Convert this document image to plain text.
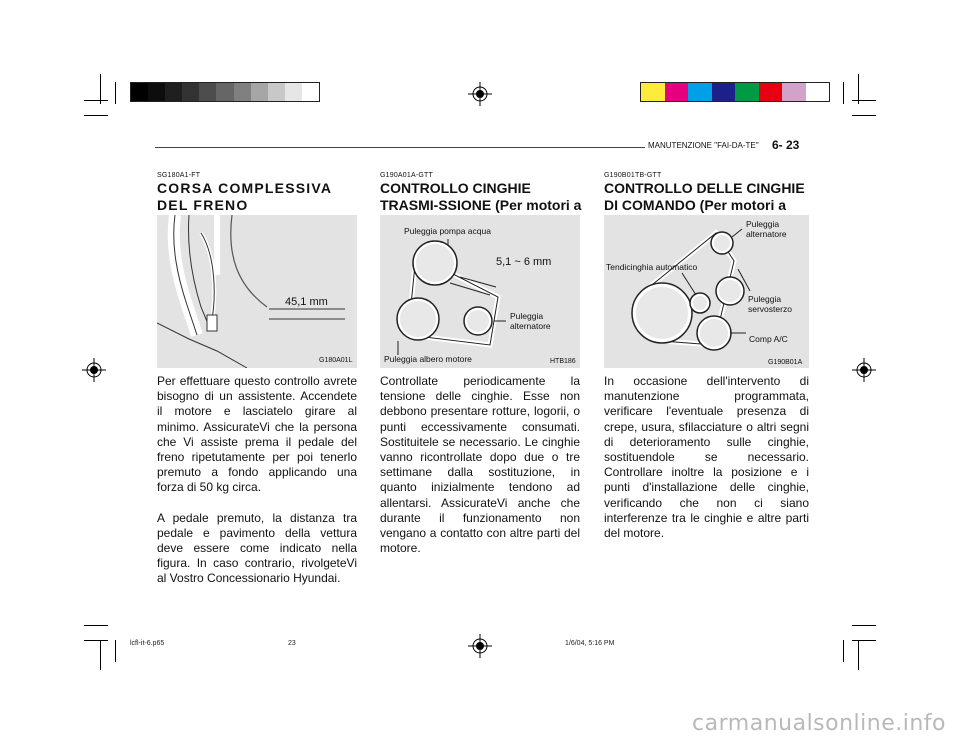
MANUTENZIONE "FAI-DA-TE" 6- 23
SG180A1-FT
CORSA COMPLESSIVA DEL FRENO
45,1 mm
G180A01L

Per effettuare questo controllo avrete bisogno di un assistente. Accendete il motore e lasciatelo girare al minimo. AssicurateVi che la persona che Vi assiste prema il pedale del freno ripetutamente per poi tenerlo premuto a fondo applicando una forza di 50 kg circa.

A pedale premuto, la distanza tra pedale e pavimento della vettura deve essere come indicato nella figura. In caso contrario, rivolgeteVi al Vostro Concessionario Hyundai.

G190A01A-GTT
CONTROLLO CINGHIE TRASMI-SSIONE (Per motori a
Puleggia pompa acqua
5,1 ~ 6 mm
Puleggia alternatore
Puleggia albero motore	HTB186

Controllate periodicamente la tensione delle cinghie. Esse non debbono presentare rotture, logorii, o punti eccessivamente consumati. Sostituitele se necessario. Le cinghie vanno ricontrollate dopo due o tre settimane dalla sostituzione, in quanto inizialmente tendono ad allentarsi. AssicurateVi anche che durante il funzionamento non vengano a contatto con altre parti del motore.

G190B01TB-GTT
CONTROLLO DELLE CINGHIE DI COMANDO (Per motori a
Puleggia alternatore
Tendicinghia automatico
Puleggia servosterzo
Comp A/C
G190B01A

In occasione dell'intervento di manutenzione programmata, verificare l'eventuale presenza di crepe, usura, sfilacciature o altri segni di deterioramento sulle cinghie, sostituendole se necessario. Controllare inoltre la posizione e i punti d'installazione delle cinghie, verificando che non ci siano interferenze tra le cinghie e altre parti del motore.

lcfl-it-6.p65	23	1/6/04, 5:16 PM
carmanualsonline.info
